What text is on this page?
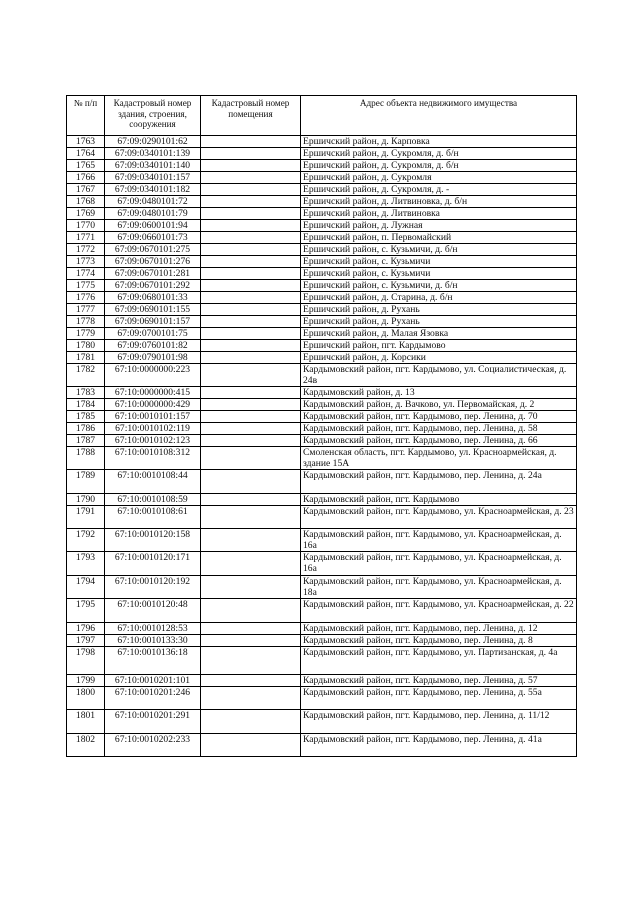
№ п/п	Кадастровый номер здания, строения, сооружения	Кадастровый номер помещения	Адрес объекта недвижимого имущества
1763	67:09:0290101:62		Ершичский район, д. Карповка
1764	67:09:0340101:139		Ершичский район, д. Сукромля, д. б/н
1765	67:09:0340101:140		Ершичский район, д. Сукромля, д. б/н
1766	67:09:0340101:157		Ершичский район, д. Сукромля
1767	67:09:0340101:182		Ершичский район, д. Сукромля, д. -
1768	67:09:0480101:72		Ершичский район, д. Литвиновка, д. б/н
1769	67:09:0480101:79		Ершичский район, д. Литвиновка
1770	67:09:0600101:94		Ершичский район, д. Лужная
1771	67:09:0660101:73		Ершичский район, п. Первомайский
1772	67:09:0670101:275		Ершичский район, с. Кузьмичи, д. б/н
1773	67:09:0670101:276		Ершичский район, с. Кузьмичи
1774	67:09:0670101:281		Ершичский район, с. Кузьмичи
1775	67:09:0670101:292		Ершичский район, с. Кузьмичи, д. б/н
1776	67:09:0680101:33		Ершичский район, д. Старина, д. б/н
1777	67:09:0690101:155		Ершичский район, д. Рухань
1778	67:09:0690101:157		Ершичский район, д. Рухань
1779	67:09:0700101:75		Ершичский район, д. Малая Язовка
1780	67:09:0760101:82		Ершичский район, пгт. Кардымово
1781	67:09:0790101:98		Ершичский район, д. Корсики
1782	67:10:0000000:223		Кардымовский район, пгт. Кардымово, ул. Социалистическая, д. 24в
1783	67:10:0000000:415		Кардымовский район, д. 13
1784	67:10:0000000:429		Кардымовский район, д. Вачково, ул. Первомайская, д. 2
1785	67:10:0010101:157		Кардымовский район, пгт. Кардымово, пер. Ленина, д. 70
1786	67:10:0010102:119		Кардымовский район, пгт. Кардымово, пер. Ленина, д. 58
1787	67:10:0010102:123		Кардымовский район, пгт. Кардымово, пер. Ленина, д. 66
1788	67:10:0010108:312		Смоленская область, пгт. Кардымово, ул. Красноармейская, д. здание 15А
1789	67:10:0010108:44		Кардымовский район, пгт. Кардымово, пер. Ленина, д. 24а
1790	67:10:0010108:59		Кардымовский район, пгт. Кардымово
1791	67:10:0010108:61		Кардымовский район, пгт. Кардымово, ул. Красноармейская, д. 23
1792	67:10:0010120:158		Кардымовский район, пгт. Кардымово, ул. Красноармейская, д. 16а
1793	67:10:0010120:171		Кардымовский район, пгт. Кардымово, ул. Красноармейская, д. 16а
1794	67:10:0010120:192		Кардымовский район, пгт. Кардымово, ул. Красноармейская, д. 18а
1795	67:10:0010120:48		Кардымовский район, пгт. Кардымово, ул. Красноармейская, д. 22
1796	67:10:0010128:53		Кардымовский район, пгт. Кардымово, пер. Ленина, д. 12
1797	67:10:0010133:30		Кардымовский район, пгт. Кардымово, пер. Ленина, д. 8
1798	67:10:0010136:18		Кардымовский район, пгт. Кардымово, ул. Партизанская, д. 4а
1799	67:10:0010201:101		Кардымовский район, пгт. Кардымово, пер. Ленина, д. 57
1800	67:10:0010201:246		Кардымовский район, пгт. Кардымово, пер. Ленина, д. 55а
1801	67:10:0010201:291		Кардымовский район, пгт. Кардымово, пер. Ленина, д. 11/12
1802	67:10:0010202:233		Кардымовский район, пгт. Кардымово, пер. Ленина, д. 41а
